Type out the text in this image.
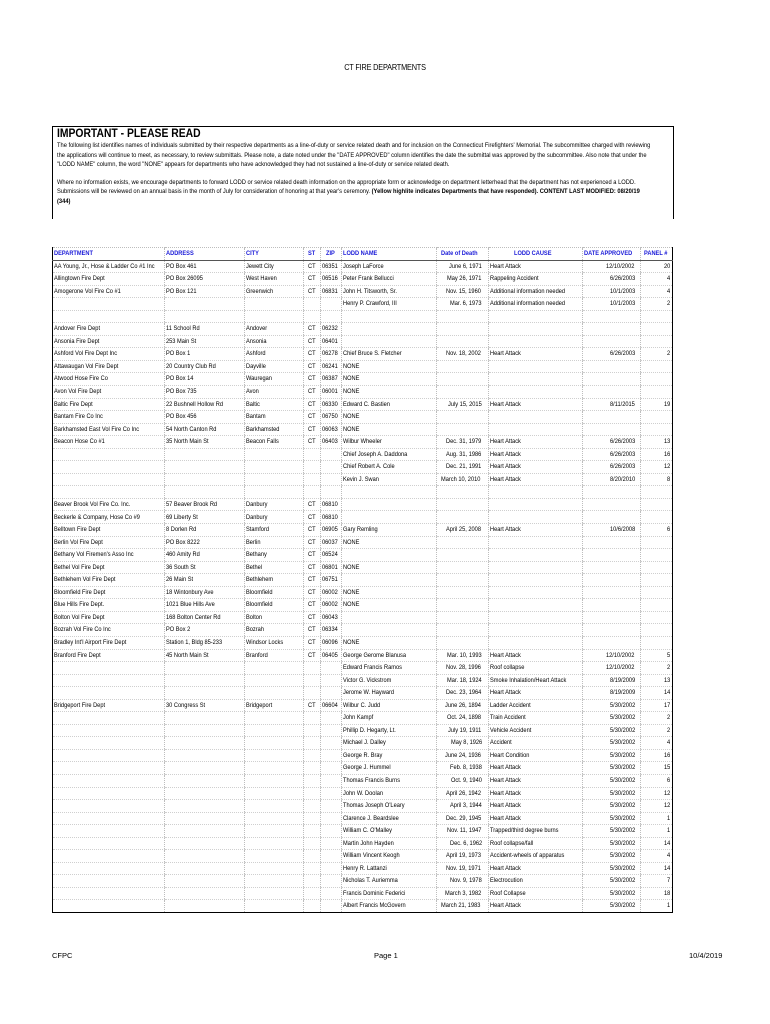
CT FIRE DEPARTMENTS
IMPORTANT - PLEASE READ

The following list identifies names of individuals submitted by their respective departments as a line-of-duty or service related death and for inclusion on the Connecticut Firefighters' Memorial. The subcommittee charged with reviewing the applications will continue to meet, as necessary, to review submittals. Please note, a date noted under the "DATE APPROVED" column identifies the date the submittal was approved by the subcommittee. Also note that under the "LODD NAME" column, the word "NONE" appears for departments who have acknowledged they had not sustained a line-of-duty or service related death.

Where no information exists, we encourage departments to forward LODD or service related death information on the appropriate form or acknowledge on department letterhead that the department has not experienced a LODD. Submissions will be reviewed on an annual basis in the month of July for consideration of honoring at that year's ceremony. (Yellow highlite indicates Departments that have responded). CONTENT LAST MODIFIED: 08/20/19 (344)

DEPARTMENT	ADDRESS	CITY	ST	ZIP	LODD NAME	Date of Death	LODD CAUSE	DATE APPROVED	PANEL #
AA Young, Jr., Hose & Ladder Co #1 Inc	PO Box 461	Jewett City	CT	06351	Joseph LaForce	June 6, 1971	Heart Attack	12/10/2002	20
Allingtown Fire Dept	PO Box 26095	West Haven	CT	06516	Peter Frank Bellucci	May 26, 1971	Rappeling Accident	6/26/2003	4
Amogerone Vol Fire Co #1	PO Box 121	Greenwich	CT	06831	John H. Titsworth, Sr.	Nov. 15, 1960	Additional information needed	10/1/2003	4
					Henry P. Crawford, III	Mar. 6, 1973	Additional information needed	10/1/2003	2

Andover Fire Dept	11 School Rd	Andover	CT	06232					
Ansonia Fire Dept	253 Main St	Ansonia	CT	06401					
Ashford Vol Fire Dept Inc	PO Box 1	Ashford	CT	06278	Chief Bruce S. Fletcher	Nov. 18, 2002	Heart Attack	6/26/2003	2
Attawaugan Vol Fire Dept	20 Country Club Rd	Dayville	CT	06241	NONE				
Atwood Hose Fire Co	PO Box 14	Wauregan	CT	06387	NONE				
Avon Vol Fire Dept	PO Box 735	Avon	CT	06001	NONE				
Baltic Fire Dept	22 Bushnell Hollow Rd	Baltic	CT	06330	Edward C. Bastien	July 15, 2015	Heart Attack	8/11/2015	19
Bantam Fire Co Inc	PO Box 456	Bantam	CT	06750	NONE				
Barkhamsted East Vol Fire Co Inc	54 North Canton Rd	Barkhamsted	CT	06063	NONE				
Beacon Hose Co #1	35 North Main St	Beacon Falls	CT	06403	Wilbur Wheeler	Dec. 31, 1979	Heart Attack	6/26/2003	13
					Chief Joseph A. Daddona	Aug. 31, 1986	Heart Attack	6/26/2003	16
					Chief Robert A. Cole	Dec. 21, 1991	Heart Attack	6/26/2003	12
					Kevin J. Swan	March 10, 2010	Heart Attack	8/20/2010	8

Beaver Brook Vol Fire Co. Inc.	57 Beaver Brook Rd	Danbury	CT	06810					
Beckerle & Company, Hose Co #9	69 Liberty St	Danbury	CT	06810					
Belltown Fire Dept	8 Dorlen Rd	Stamford	CT	06905	Gary Remling	April 25, 2008	Heart Attack	10/6/2008	6
Berlin Vol Fire Dept	PO Box 8222	Berlin	CT	06037	NONE				
Bethany Vol Firemen's Asso Inc	460 Amity Rd	Bethany	CT	06524					
Bethel Vol Fire Dept	36 South St	Bethel	CT	06801	NONE				
Bethlehem Vol Fire Dept	26 Main St	Bethlehem	CT	06751					
Bloomfield Fire Dept	18 Wintonbury Ave	Bloomfield	CT	06002	NONE				
Blue Hills Fire Dept.	1021 Blue Hills Ave	Bloomfield	CT	06002	NONE				
Bolton Vol Fire Dept	168 Bolton Center Rd	Bolton	CT	06043					
Bozrah Vol Fire Co Inc	PO Box 2	Bozrah	CT	06334					
Bradley Int'l Airport Fire Dept	Station 1, Bldg 85-233	Windsor Locks	CT	06096	NONE				
Branford Fire Dept	45 North Main St	Branford	CT	06405	George Gerome Blanusa	Mar. 10, 1993	Heart Attack	12/10/2002	5
					Edward Francis Ramos	Nov. 28, 1996	Roof collapse	12/10/2002	2
					Victor G. Vickstrom	Mar. 18, 1924	Smoke Inhalation/Heart Attack	8/19/2009	13
					Jerome W. Hayward	Dec. 23, 1964	Heart Attack	8/19/2009	14
Bridgeport Fire Dept	30 Congress St	Bridgeport	CT	06604	Wilbur C. Judd	June 26, 1894	Ladder Accident	5/30/2002	17
					John Kampf	Oct. 24, 1898	Train Accident	5/30/2002	2
					Phillip D. Hegarty, Lt.	July 19, 1911	Vehicle Accident	5/30/2002	2
					Michael J. Dalley	May 8, 1926	Accident	5/30/2002	4
					George R. Bray	June 24, 1936	Heart Condition	5/30/2002	16
					George J. Hummel	Feb. 8, 1938	Heart Attack	5/30/2002	15
					Thomas Francis Burns	Oct. 9, 1940	Heart Attack	5/30/2002	6
					John W. Doolan	April 26, 1942	Heart Attack	5/30/2002	12
					Thomas Joseph O'Leary	April 3, 1944	Heart Attack	5/30/2002	12
					Clarence J. Beardslee	Dec. 29, 1945	Heart Attack	5/30/2002	1
					William C. O'Malley	Nov. 11, 1947	Trapped/third degree burns	5/30/2002	1
					Martin John Hayden	Dec. 6, 1962	Roof collapse/fall	5/30/2002	14
					William Vincent Keogh	April 19, 1973	Accident-wheels of apparatus	5/30/2002	4
					Henry R. Lattanzi	Nov. 19, 1971	Heart Attack	5/30/2002	14
					Nicholas T. Auriemma	Nov. 9, 1978	Electrocution	5/30/2002	7
					Francis Dominic Federici	March 3, 1982	Roof Collapse	5/30/2002	18
					Albert Francis McGovern	March 21, 1983	Heart Attack	5/30/2002	1
CFPC	Page 1	10/4/2019
